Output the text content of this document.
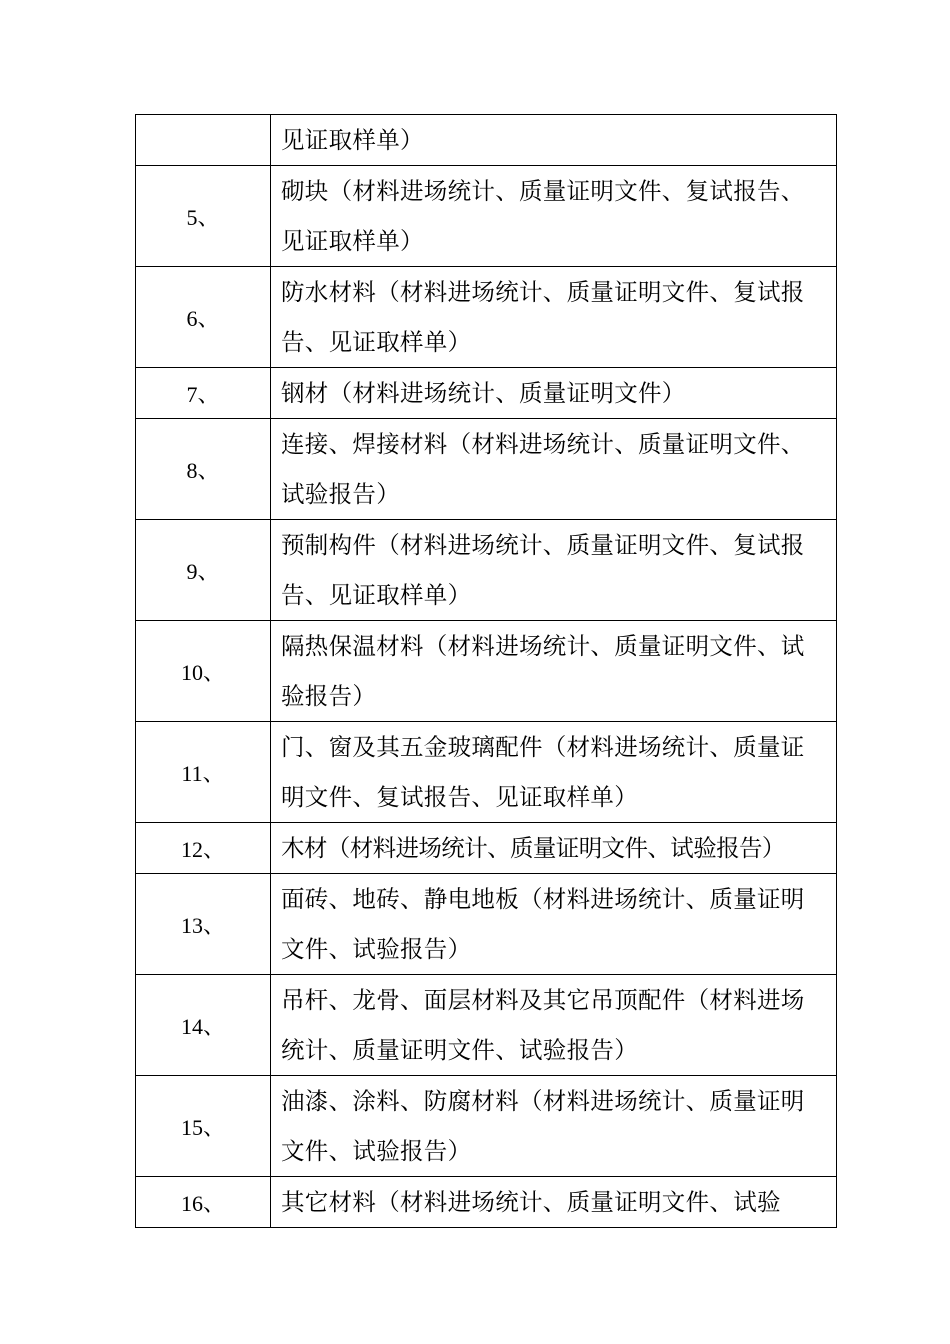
	见证取样单）
5、	砌块（材料进场统计、质量证明文件、复试报告、见证取样单）
6、	防水材料（材料进场统计、质量证明文件、复试报告、见证取样单）
7、	钢材（材料进场统计、质量证明文件）
8、	连接、焊接材料（材料进场统计、质量证明文件、试验报告）
9、	预制构件（材料进场统计、质量证明文件、复试报告、见证取样单）
10、	隔热保温材料（材料进场统计、质量证明文件、试验报告）
11、	门、窗及其五金玻璃配件（材料进场统计、质量证明文件、复试报告、见证取样单）
12、	木材（材料进场统计、质量证明文件、试验报告）
13、	面砖、地砖、静电地板（材料进场统计、质量证明文件、试验报告）
14、	吊杆、龙骨、面层材料及其它吊顶配件（材料进场统计、质量证明文件、试验报告）
15、	油漆、涂料、防腐材料（材料进场统计、质量证明文件、试验报告）
16、	其它材料（材料进场统计、质量证明文件、试验
